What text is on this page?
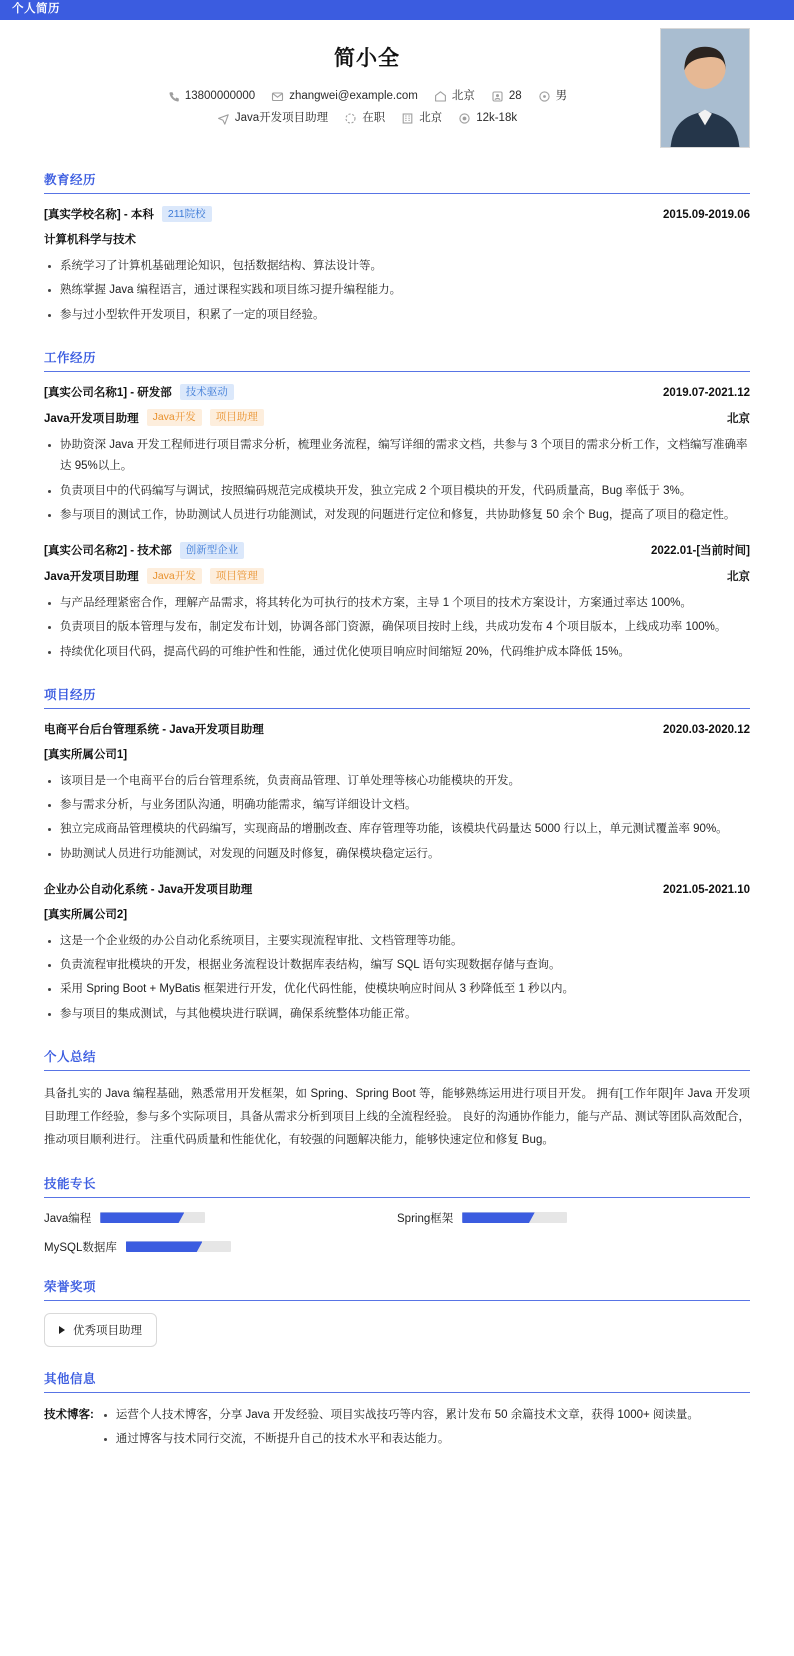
个人简历
简小全
13800000000	zhangwei@example.com	北京	28	男
Java开发项目助理	在职	北京	12k-18k
教育经历
[真实学校名称] - 本科	211院校	2015.09-2019.06
计算机科学与技术
系统学习了计算机基础理论知识，包括数据结构、算法设计等。
熟练掌握 Java 编程语言，通过课程实践和项目练习提升编程能力。
参与过小型软件开发项目，积累了一定的项目经验。
工作经历
[真实公司名称1] - 研发部	技术驱动	2019.07-2021.12
Java开发项目助理	Java开发	项目助理	北京
协助资深 Java 开发工程师进行项目需求分析，梳理业务流程，编写详细的需求文档，共参与 3 个项目的需求分析工作，文档编写准确率达 95%以上。
负责项目中的代码编写与调试，按照编码规范完成模块开发，独立完成 2 个项目模块的开发，代码质量高，Bug 率低于 3%。
参与项目的测试工作，协助测试人员进行功能测试，对发现的问题进行定位和修复，共协助修复 50 余个 Bug，提高了项目的稳定性。
[真实公司名称2] - 技术部	创新型企业	2022.01-[当前时间]
Java开发项目助理	Java开发	项目管理	北京
与产品经理紧密合作，理解产品需求，将其转化为可执行的技术方案，主导 1 个项目的技术方案设计，方案通过率达 100%。
负责项目的版本管理与发布，制定发布计划，协调各部门资源，确保项目按时上线，共成功发布 4 个项目版本，上线成功率 100%。
持续优化项目代码，提高代码的可维护性和性能，通过优化使项目响应时间缩短 20%，代码维护成本降低 15%。
项目经历
电商平台后台管理系统 - Java开发项目助理	2020.03-2020.12
[真实所属公司1]
该项目是一个电商平台的后台管理系统，负责商品管理、订单处理等核心功能模块的开发。
参与需求分析，与业务团队沟通，明确功能需求，编写详细设计文档。
独立完成商品管理模块的代码编写，实现商品的增删改查、库存管理等功能，该模块代码量达 5000 行以上，单元测试覆盖率 90%。
协助测试人员进行功能测试，对发现的问题及时修复，确保模块稳定运行。
企业办公自动化系统 - Java开发项目助理	2021.05-2021.10
[真实所属公司2]
这是一个企业级的办公自动化系统项目，主要实现流程审批、文档管理等功能。
负责流程审批模块的开发，根据业务流程设计数据库表结构，编写 SQL 语句实现数据存储与查询。
采用 Spring Boot + MyBatis 框架进行开发，优化代码性能，使模块响应时间从 3 秒降低至 1 秒以内。
参与项目的集成测试，与其他模块进行联调，确保系统整体功能正常。
个人总结
具备扎实的 Java 编程基础，熟悉常用开发框架，如 Spring、Spring Boot 等，能够熟练运用进行项目开发。 拥有[工作年限]年 Java 开发项目助理工作经验，参与多个实际项目，具备从需求分析到项目上线的全流程经验。 良好的沟通协作能力，能与产品、测试等团队高效配合，推动项目顺利进行。 注重代码质量和性能优化，有较强的问题解决能力，能够快速定位和修复 Bug。
技能专长
Java编程	Spring框架
MySQL数据库
荣誉奖项
优秀项目助理
其他信息
技术博客:	运营个人技术博客，分享 Java 开发经验、项目实战技巧等内容，累计发布 50 余篇技术文章，获得 1000+ 阅读量。
通过博客与技术同行交流，不断提升自己的技术水平和表达能力。
